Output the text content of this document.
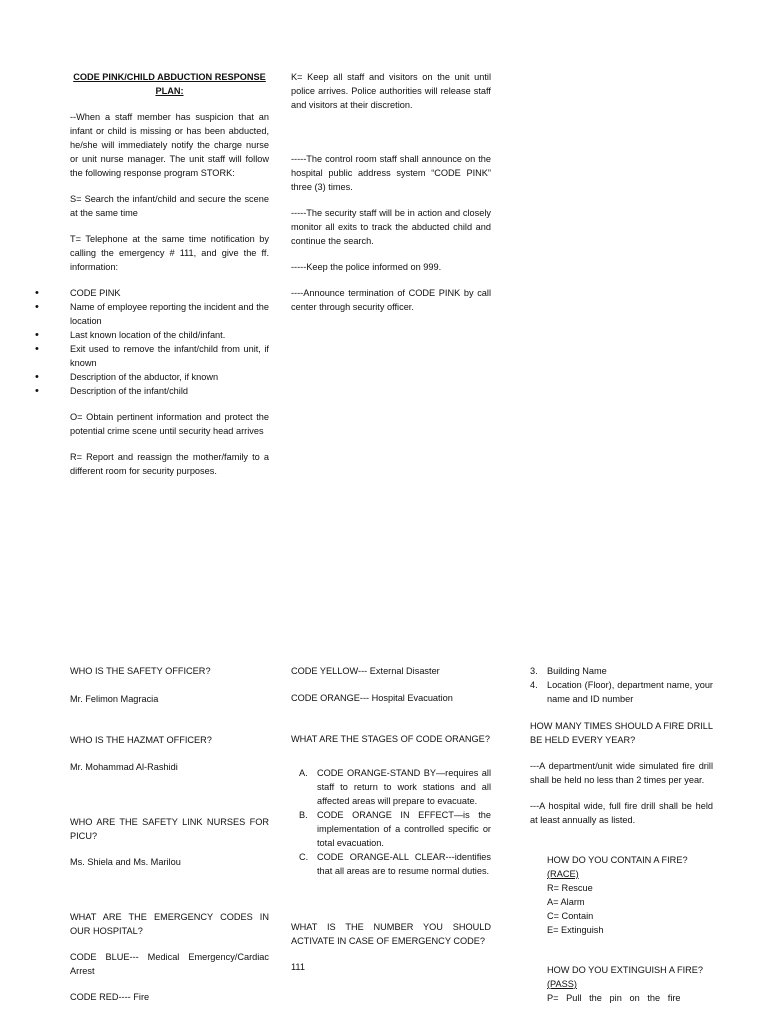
CODE PINK/CHILD ABDUCTION RESPONSE PLAN:

--When a staff member has suspicion that an infant or child is missing or has been abducted, he/she will immediately notify the charge nurse or unit nurse manager. The unit staff will follow the following response program STORK:

S= Search the infant/child and secure the scene at the same time

T= Telephone at the same time notification by calling the emergency # 111, and give the ff. information:

• CODE PINK
• Name of employee reporting the incident and the location
• Last known location of the child/infant.
• Exit used to remove the infant/child from unit, if known
• Description of the abductor, if known
• Description of the infant/child

O= Obtain pertinent information and protect the potential crime scene until security head arrives

R= Report and reassign the mother/family to a different room for security purposes.

K= Keep all staff and visitors on the unit until police arrives. Police authorities will release staff and visitors at their discretion.

-----The control room staff shall announce on the hospital public address system “CODE PINK” three (3) times.

-----The security staff will be in action and closely monitor all exits to track the abducted child and continue the search.

-----Keep the police informed on 999.

----Announce termination of CODE PINK by call center through security officer.

WHO IS THE SAFETY OFFICER?

Mr. Felimon Magracia

WHO IS THE HAZMAT OFFICER?

Mr. Mohammad Al-Rashidi

WHO ARE THE SAFETY LINK NURSES FOR PICU?

Ms. Shiela and Ms. Marilou

WHAT ARE THE EMERGENCY CODES IN OUR HOSPITAL?

CODE BLUE--- Medical Emergency/Cardiac Arrest

CODE RED---- Fire

CODE YELLOW--- External Disaster

CODE ORANGE--- Hospital Evacuation

WHAT ARE THE STAGES OF CODE ORANGE?

A. CODE ORANGE-STAND BY—requires all staff to return to work stations and all affected areas will prepare to evacuate.
B. CODE ORANGE IN EFFECT—is the implementation of a controlled specific or total evacuation.
C. CODE ORANGE-ALL CLEAR---identifies that all areas are to resume normal duties.

WHAT IS THE NUMBER YOU SHOULD ACTIVATE IN CASE OF EMERGENCY CODE?

111

3. Building Name
4. Location (Floor), department name, your name and ID number

HOW MANY TIMES SHOULD A FIRE DRILL BE HELD EVERY YEAR?

---A department/unit wide simulated fire drill shall be held no less than 2 times per year.

---A hospital wide, full fire drill shall be held at least annually as listed.

HOW DO YOU CONTAIN A FIRE?

(RACE)

R= Rescue

A= Alarm

C= Contain

E= Extinguish

HOW DO YOU EXTINGUISH A FIRE?

(PASS)

P=   Pull   the   pin   on   the   fire
